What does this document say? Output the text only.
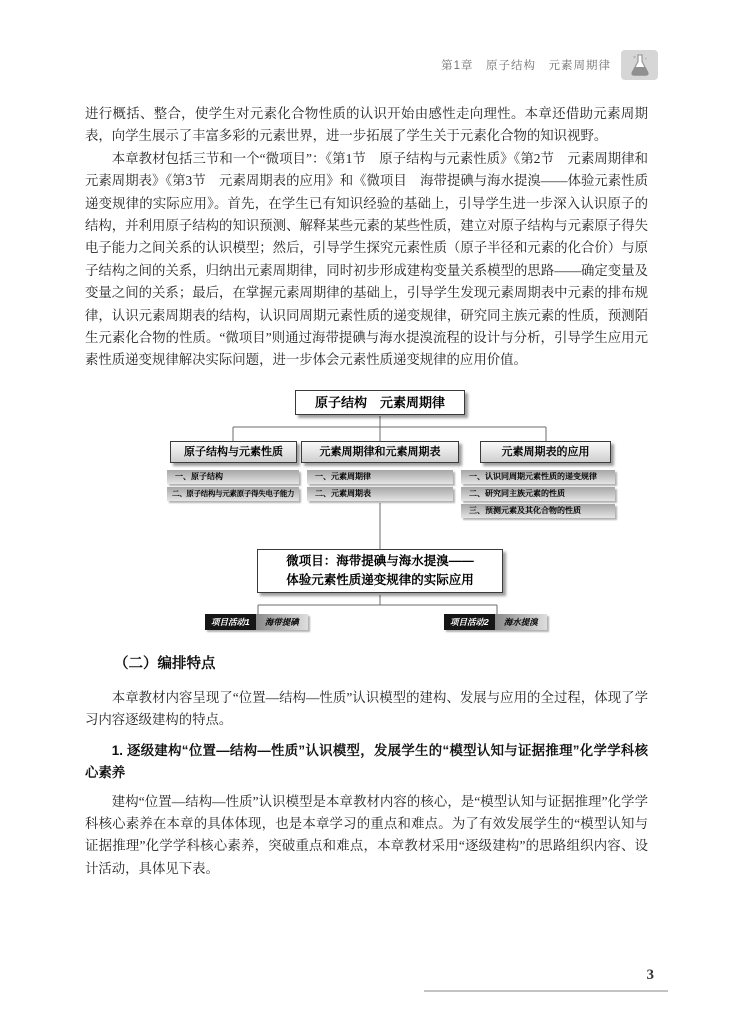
第1章　原子结构　元素周期律

进行概括、整合，使学生对元素化合物性质的认识开始由感性走向理性。本章还借助元素周期表，向学生展示了丰富多彩的元素世界，进一步拓展了学生关于元素化合物的知识视野。

本章教材包括三节和一个“微项目”：《第1节　原子结构与元素性质》《第2节　元素周期律和元素周期表》《第3节　元素周期表的应用》和《微项目　海带提碘与海水提溴——体验元素性质递变规律的实际应用》。首先，在学生已有知识经验的基础上，引导学生进一步深入认识原子的结构，并利用原子结构的知识预测、解释某些元素的某些性质，建立对原子结构与元素原子得失电子能力之间关系的认识模型；然后，引导学生探究元素性质（原子半径和元素的化合价）与原子结构之间的关系，归纳出元素周期律，同时初步形成建构变量关系模型的思路——确定变量及变量之间的关系；最后，在掌握元素周期律的基础上，引导学生发现元素周期表中元素的排布规律，认识元素周期表的结构，认识同周期元素性质的递变规律，研究同主族元素的性质，预测陌生元素化合物的性质。“微项目”则通过海带提碘与海水提溴流程的设计与分析，引导学生应用元素性质递变规律解决实际问题，进一步体会元素性质递变规律的应用价值。

原子结构　元素周期律
原子结构与元素性质	元素周期律和元素周期表	元素周期表的应用
一、原子结构
二、原子结构与元素原子得失电子能力
一、元素周期律
二、元素周期表
一、认识同周期元素性质的递变规律
二、研究同主族元素的性质
三、预测元素及其化合物的性质
微项目：海带提碘与海水提溴——
体验元素性质递变规律的实际应用
项目活动1	海带提碘	项目活动2	海水提溴
（二）编排特点

本章教材内容呈现了“位置—结构—性质”认识模型的建构、发展与应用的全过程，体现了学习内容逐级建构的特点。

1. 逐级建构“位置—结构—性质”认识模型，发展学生的“模型认知与证据推理”化学学科核心素养

建构“位置—结构—性质”认识模型是本章教材内容的核心，是“模型认知与证据推理”化学学科核心素养在本章的具体体现，也是本章学习的重点和难点。为了有效发展学生的“模型认知与证据推理”化学学科核心素养，突破重点和难点，本章教材采用“逐级建构”的思路组织内容、设计活动，具体见下表。

3
